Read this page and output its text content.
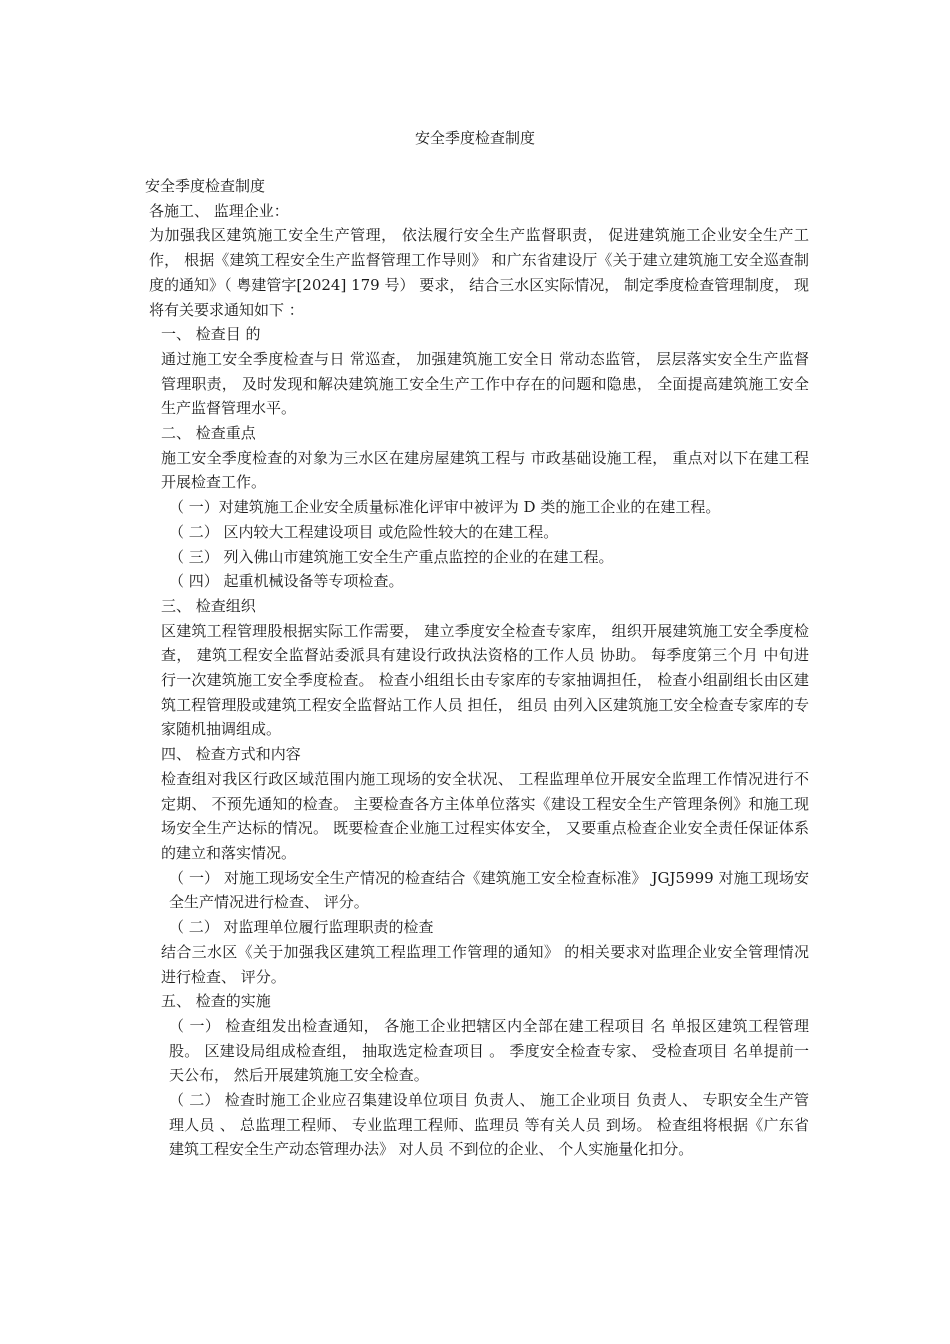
安全季度检查制度

安全季度检查制度

各施工、 监理企业：

为加强我区建筑施工安全生产管理， 依法履行安全生产监督职责， 促进建筑施工企业安全生产工作， 根据《建筑工程安全生产监督管理工作导则》 和广东省建设厅《关于建立建筑施工安全巡查制度的通知》（ 粤建管字[2024] 179 号） 要求， 结合三水区实际情况， 制定季度检查管理制度， 现将有关要求通知如下 ：

一、 检查目 的

通过施工安全季度检查与日 常巡查， 加强建筑施工安全日 常动态监管， 层层落实安全生产监督管理职责， 及时发现和解决建筑施工安全生产工作中存在的问题和隐患， 全面提高建筑施工安全生产监督管理水平。

二、 检查重点

施工安全季度检查的对象为三水区在建房屋建筑工程与 市政基础设施工程， 重点对以下在建工程开展检查工作。

（ 一）对建筑施工企业安全质量标准化评审中被评为 D 类的施工企业的在建工程。

（ 二） 区内较大工程建设项目 或危险性较大的在建工程。

（ 三） 列入佛山市建筑施工安全生产重点监控的企业的在建工程。

（ 四） 起重机械设备等专项检查。

三、 检查组织

区建筑工程管理股根据实际工作需要， 建立季度安全检查专家库， 组织开展建筑施工安全季度检查， 建筑工程安全监督站委派具有建设行政执法资格的工作人员 协助。 每季度第三个月 中旬进行一次建筑施工安全季度检查。 检查小组组长由专家库的专家抽调担任， 检查小组副组长由区建筑工程管理股或建筑工程安全监督站工作人员 担任， 组员 由列入区建筑施工安全检查专家库的专家随机抽调组成。

四、 检查方式和内容

检查组对我区行政区域范围内施工现场的安全状况、 工程监理单位开展安全监理工作情况进行不定期、 不预先通知的检查。 主要检查各方主体单位落实《建设工程安全生产管理条例》和施工现场安全生产达标的情况。 既要检查企业施工过程实体安全， 又要重点检查企业安全责任保证体系的建立和落实情况。

（ 一） 对施工现场安全生产情况的检查结合《建筑施工安全检查标准》 JGJ5999 对施工现场安全生产情况进行检查、 评分。

（ 二） 对监理单位履行监理职责的检查

结合三水区《关于加强我区建筑工程监理工作管理的通知》 的相关要求对监理企业安全管理情况进行检查、 评分。

五、 检查的实施

（ 一） 检查组发出检查通知， 各施工企业把辖区内全部在建工程项目 名 单报区建筑工程管理股。 区建设局组成检查组， 抽取选定检查项目 。 季度安全检查专家、 受检查项目 名单提前一天公布， 然后开展建筑施工安全检查。

（ 二） 检查时施工企业应召集建设单位项目 负责人、 施工企业项目 负责人、 专职安全生产管理人员 、 总监理工程师、 专业监理工程师、监理员 等有关人员 到场。 检查组将根据《广东省建筑工程安全生产动态管理办法》 对人员 不到位的企业、 个人实施量化扣分。
